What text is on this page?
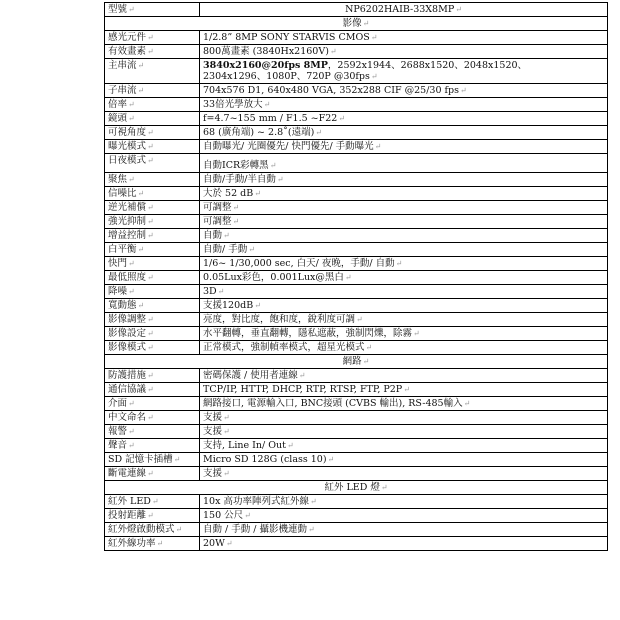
型號↵	NP6202HAIB-33X8MP↵
影像↵	
感光元件↵	1/2.8” 8MP SONY STARVIS CMOS↵
有效畫素↵	800萬畫素 (3840Hx2160V)↵
主串流↵	3840x2160@20fps 8MP，2592x1944、2688x1520、2048x1520、
2304x1296、1080P、720P @30fps↵
子串流↵	704x576 D1, 640x480 VGA, 352x288 CIF @25/30 fps↵
倍率↵	33倍光學放大↵
鏡頭↵	f=4.7~155 mm / F1.5 ~F22↵
可視角度↵	68 (廣角端) ~ 2.8˚(遠端)↵
曝光模式↵	自動曝光/ 光圈優先/ 快門優先/ 手動曝光↵
日夜模式↵	自動ICR彩轉黑↵
聚焦↵	自動/手動/半自動↵
信噪比↵	大於 52 dB↵
逆光補償↵	可調整↵
強光抑制↵	可調整↵
增益控制↵	自動↵
白平衡↵	自動/ 手動↵
快門↵	1/6~ 1/30,000 sec, 白天/ 夜晚，手動/ 自動↵
最低照度↵	0.05Lux彩色，0.001Lux@黑白↵
降噪↵	3D↵
寬動態↵	支援120dB↵
影像調整↵	亮度，對比度，飽和度，銳利度可調↵
影像設定↵	水平翻轉，垂直翻轉，隱私遮蔽，強制閃爍，除霧↵
影像模式↵	正常模式，強制幀率模式，超星光模式↵
網路↵	
防護措施↵	密碼保護 / 使用者連線↵
通信協議↵	TCP/IP, HTTP, DHCP, RTP, RTSP, FTP, P2P↵
介面↵	網路接口, 電源輸入口, BNC接頭 (CVBS 輸出), RS-485輸入↵
中文命名↵	支援↵
報警↵	支援↵
聲音↵	支持, Line In/ Out↵
SD 記憶卡插槽↵	Micro SD 128G (class 10)↵
斷電連線↵	支援↵
紅外 LED 燈↵	
紅外 LED↵	10x 高功率陣列式紅外線↵
投射距離↵	150 公尺↵
紅外燈啟動模式↵	自動 / 手動 / 攝影機連動↵
紅外線功率↵	20W↵
